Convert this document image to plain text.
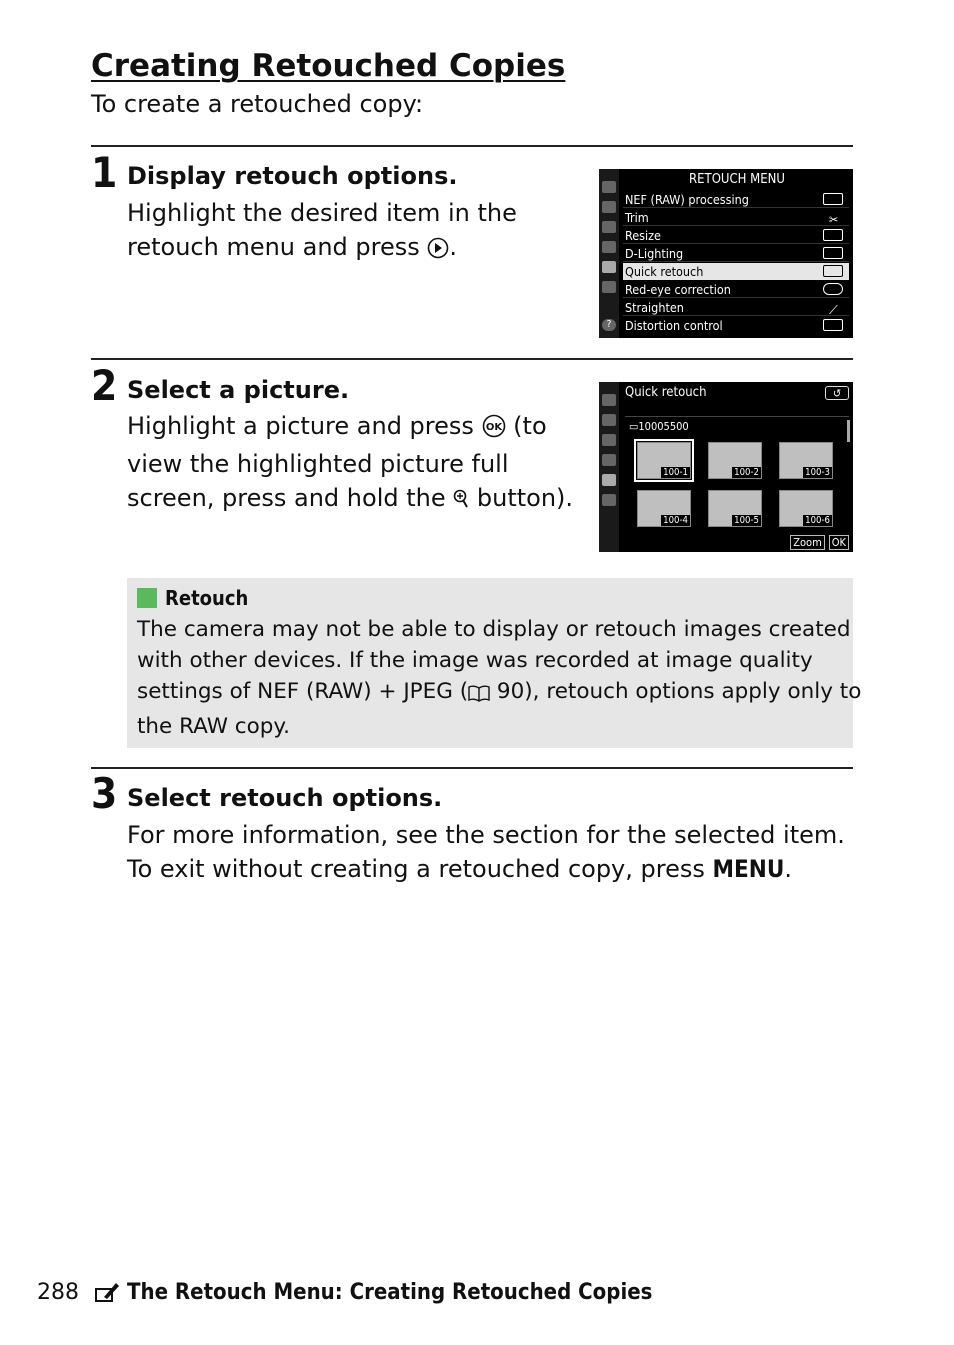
Creating Retouched Copies
To create a retouched copy:
1 Display retouch options.

Highlight the desired item in the

retouch menu and press .

?
RETOUCH MENU
NEF (RAW) processing
Trim	✂
Resize
D-Lighting
Quick retouch
Red-eye correction
Straighten	⟋
Distortion control
2 Select a picture.

Highlight a picture and press OK (to

view the highlighted picture full

screen, press and hold the  button).

Quick retouch	↺
▭10005500
100-1	100-2	100-3
100-4	100-5	100-6
Zoom OK
Retouch

The camera may not be able to display or retouch images created

with other devices. If the image was recorded at image quality

settings of NEF (RAW) + JPEG ( 90), retouch options apply only to

the RAW copy.

3 Select retouch options.

For more information, see the section for the selected item.

To exit without creating a retouched copy, press MENU.

288 The Retouch Menu: Creating Retouched Copies
